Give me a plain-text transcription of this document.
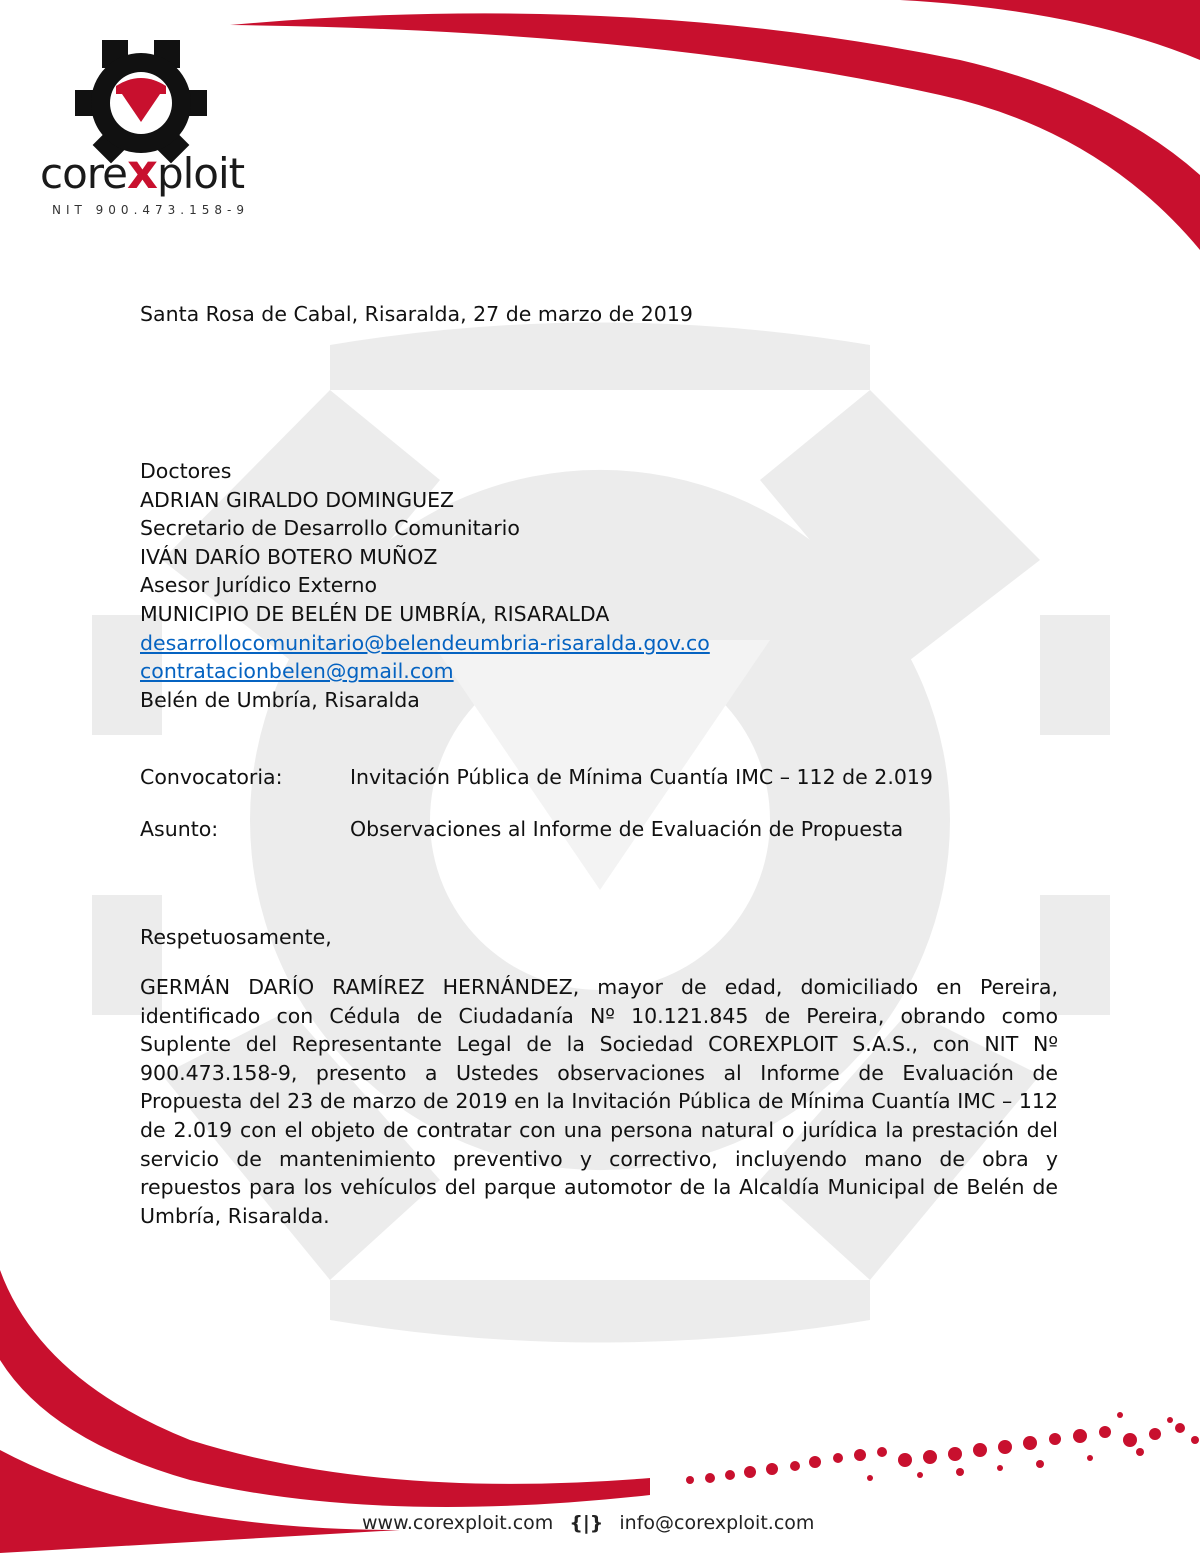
corexploit
NIT 900.473.158-9
Santa Rosa de Cabal, Risaralda, 27 de marzo de 2019
Doctores
ADRIAN GIRALDO DOMINGUEZ
Secretario de Desarrollo Comunitario
IVÁN DARÍO BOTERO MUÑOZ
Asesor Jurídico Externo
MUNICIPIO DE BELÉN DE UMBRÍA, RISARALDA
desarrollocomunitario@belendeumbria-risaralda.gov.co
contratacionbelen@gmail.com
Belén de Umbría, Risaralda
Convocatoria:	Invitación Pública de Mínima Cuantía IMC – 112 de 2.019
Asunto:	Observaciones al Informe de Evaluación de Propuesta
Respetuosamente,
GERMÁN DARÍO RAMÍREZ HERNÁNDEZ, mayor de edad, domiciliado en Pereira, identificado con Cédula de Ciudadanía Nº 10.121.845 de Pereira, obrando como Suplente del Representante Legal de la Sociedad COREXPLOIT S.A.S., con NIT Nº 900.473.158-9, presento a Ustedes observaciones al Informe de Evaluación de Propuesta del 23 de marzo de 2019 en la Invitación Pública de Mínima Cuantía IMC – 112 de 2.019 con el objeto de contratar con una persona natural o jurídica la prestación del servicio de mantenimiento preventivo y correctivo, incluyendo mano de obra y repuestos para los vehículos del parque automotor de la Alcaldía Municipal de Belén de Umbría, Risaralda.
www.corexploit.com {|} info@corexploit.com
